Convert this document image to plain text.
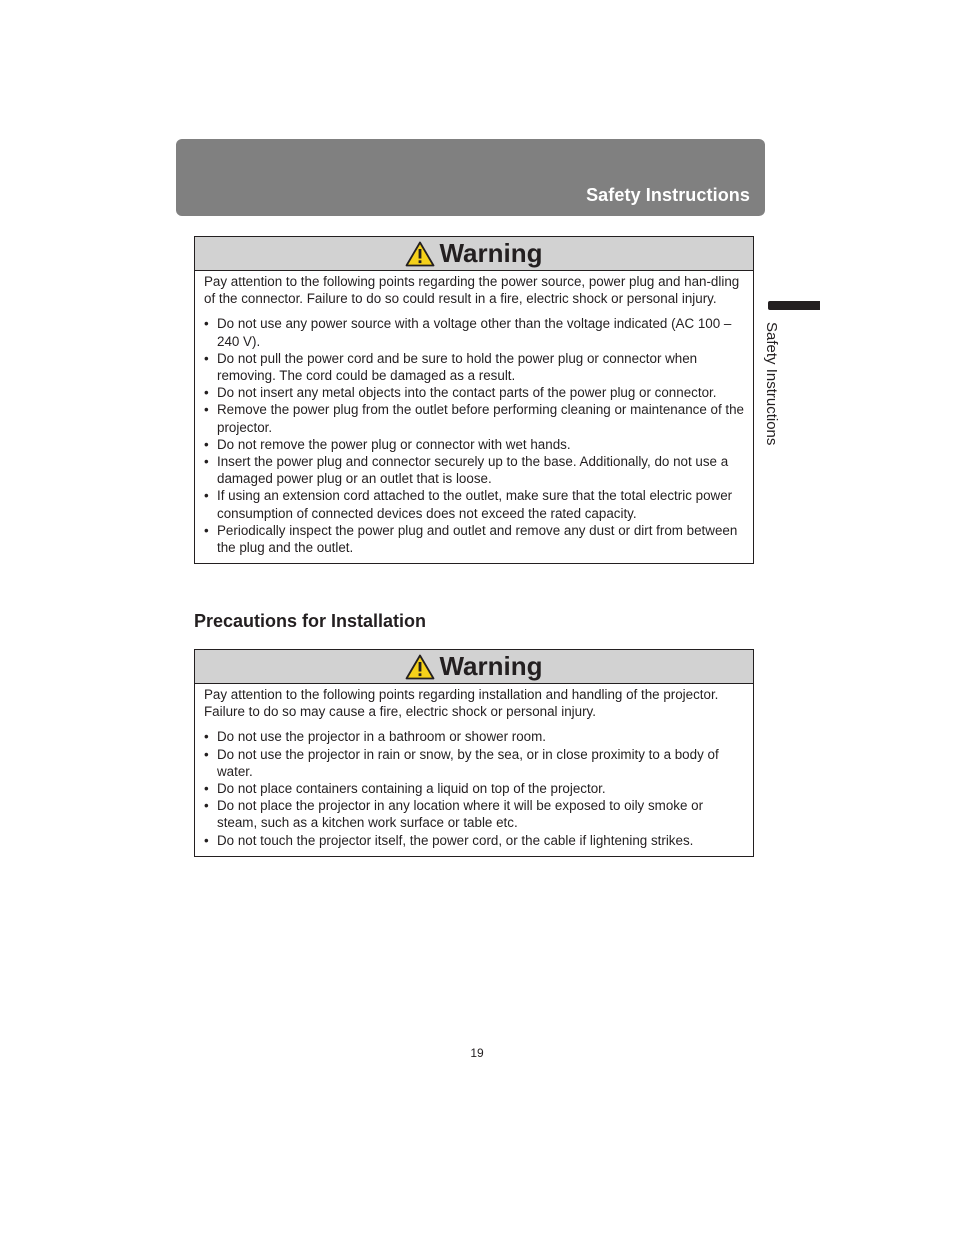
Safety Instructions
Safety Instructions
Warning

Pay attention to the following points regarding the power source, power plug and han-dling of the connector. Failure to do so could result in a fire, electric shock or personal injury.

• Do not use any power source with a voltage other than the voltage indicated (AC 100 – 240 V).
• Do not pull the power cord and be sure to hold the power plug or connector when removing. The cord could be damaged as a result.
• Do not insert any metal objects into the contact parts of the power plug or connector.
• Remove the power plug from the outlet before performing cleaning or maintenance of the projector.
• Do not remove the power plug or connector with wet hands.
• Insert the power plug and connector securely up to the base. Additionally, do not use a damaged power plug or an outlet that is loose.
• If using an extension cord attached to the outlet, make sure that the total electric power consumption of connected devices does not exceed the rated capacity.
• Periodically inspect the power plug and outlet and remove any dust or dirt from between the plug and the outlet.
Precautions for Installation
Warning

Pay attention to the following points regarding installation and handling of the projector. Failure to do so may cause a fire, electric shock or personal injury.

• Do not use the projector in a bathroom or shower room.
• Do not use the projector in rain or snow, by the sea, or in close proximity to a body of water.
• Do not place containers containing a liquid on top of the projector.
• Do not place the projector in any location where it will be exposed to oily smoke or steam, such as a kitchen work surface or table etc.
• Do not touch the projector itself, the power cord, or the cable if lightening strikes.
19
